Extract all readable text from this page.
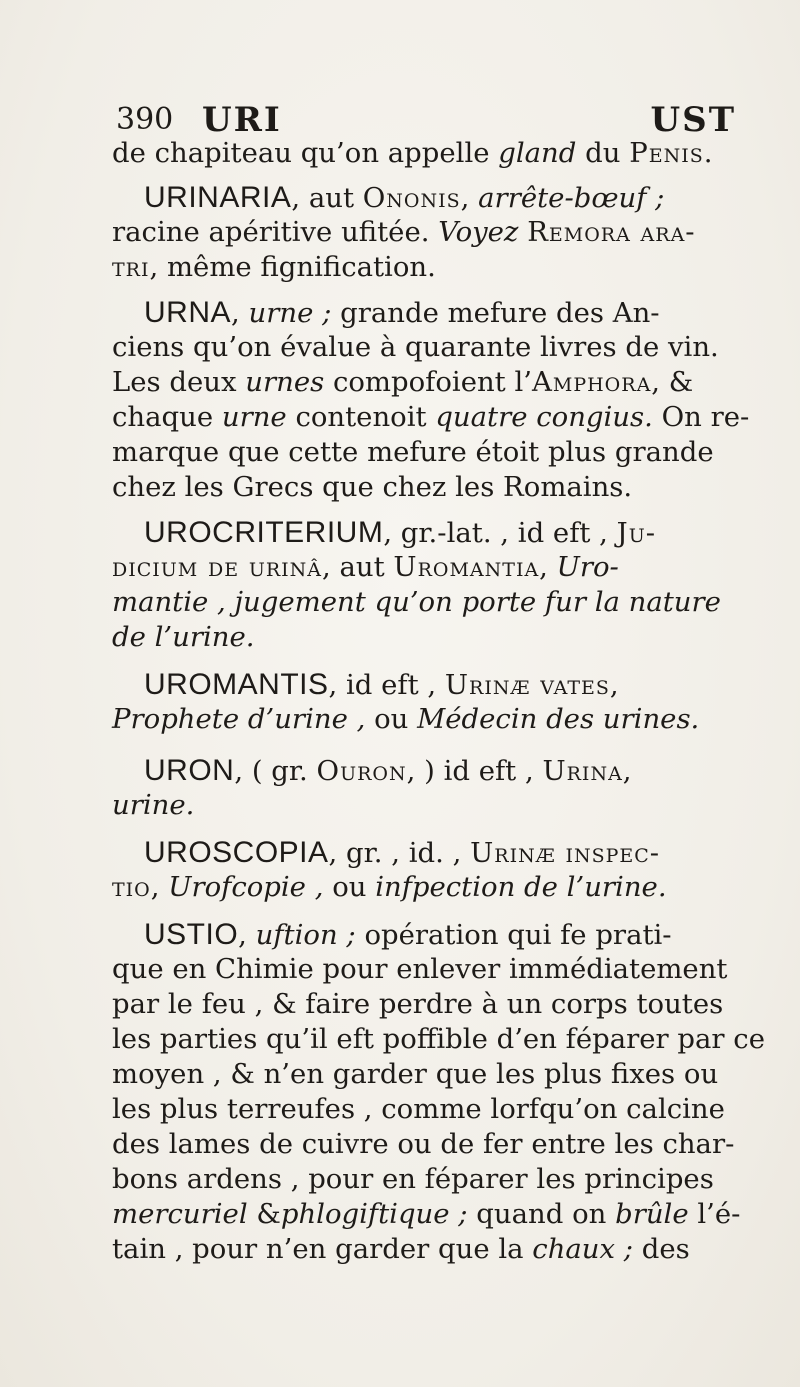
390 URI	UST
de chapiteau qu’on appelle gland du Penis.
URINARIA, aut Ononis, arrête-bœuf ;
racine apéritive ufitée. Voyez Remora ara-
tri, même fignification.
URNA, urne ; grande mefure des An-
ciens qu’on évalue à quarante livres de vin.
Les deux urnes compofoient l’Amphora, &
chaque urne contenoit quatre congius. On re-
marque que cette mefure étoit plus grande
chez les Grecs que chez les Romains.
UROCRITERIUM, gr.-lat. , id eft , Ju-
dicium de urinâ, aut Uromantia, Uro-
mantie , jugement qu’on porte fur la nature
de l’urine.
UROMANTIS, id eft , Urinæ vates,
Prophete d’urine , ou Médecin des urines.
URON, ( gr. Ouron, ) id eft , Urina,
urine.
UROSCOPIA, gr. , id. , Urinæ inspec-
tio, Urofcopie , ou infpection de l’urine.
USTIO, uftion ; opération qui fe prati-
que en Chimie pour enlever immédiatement
par le feu , & faire perdre à un corps toutes
les parties qu’il eft poffible d’en féparer par ce
moyen , & n’en garder que les plus fixes ou
les plus terreufes , comme lorfqu’on calcine
des lames de cuivre ou de fer entre les char-
bons ardens , pour en féparer les principes
mercuriel &phlogiftique ; quand on brûle l’é-
tain , pour n’en garder que la chaux ; des
